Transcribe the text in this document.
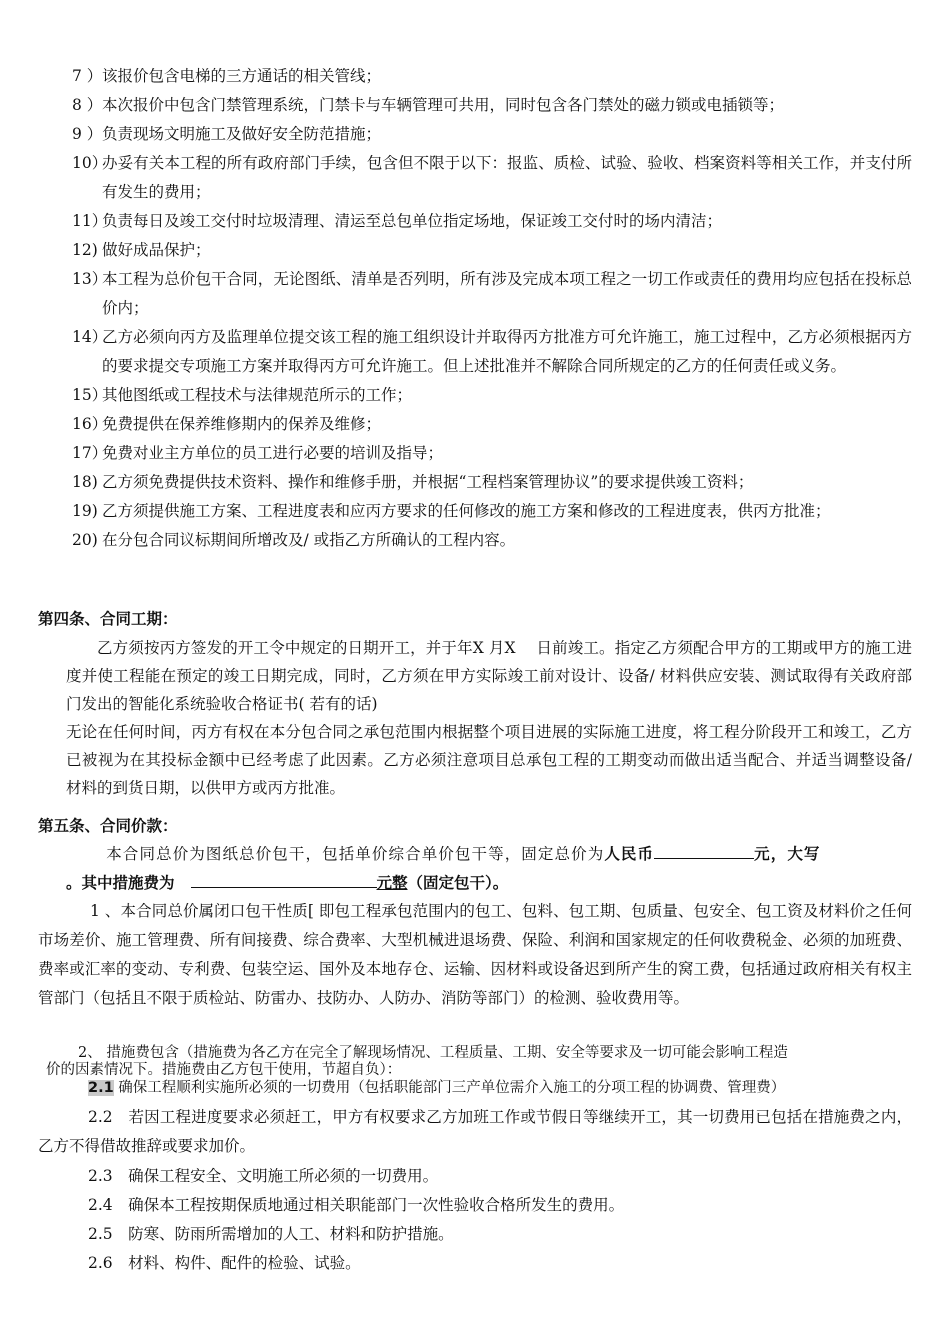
7 ） 该报价包含电梯的三方通话的相关管线；
8 ） 本次报价中包含门禁管理系统，门禁卡与车辆管理可共用，同时包含各门禁处的磁力锁或电插锁等；
9 ） 负责现场文明施工及做好安全防范措施；
10）
办妥有关本工程的所有政府部门手续，包含但不限于以下：报监、质检、试验、验收、档案资料等相关工作，并支付所有发生的费用；
11）
负责每日及竣工交付时垃圾清理、清运至总包单位指定场地，保证竣工交付时的场内清洁；
12) 做好成品保护；
13）
本工程为总价包干合同，无论图纸、清单是否列明，所有涉及完成本项工程之一切工作或责任的费用均应包括在投标总价内；
14）
乙方必须向丙方及监理单位提交该工程的施工组织设计并取得丙方批准方可允许施工，施工过程中，乙方必须根据丙方的要求提交专项施工方案并取得丙方可允许施工。但上述批准并不解除合同所规定的乙方的任何责任或义务。
15）
其他图纸或工程技术与法律规范所示的工作；
16）
免费提供在保养维修期内的保养及维修；
17）
免费对业主方单位的员工进行必要的培训及指导；
18) 乙方须免费提供技术资料、操作和维修手册，并根据“工程档案管理协议”的要求提供竣工资料；
19) 乙方须提供施工方案、工程进度表和应丙方要求的任何修改的施工方案和修改的工程进度表，供丙方批准；
20) 在分包合同议标期间所增改及/ 或指乙方所确认的工程内容。
第四条、合同工期：
乙方须按丙方签发的开工令中规定的日期开工，并于年X 月X　 日前竣工。指定乙方须配合甲方的工期或甲方的施工进度并使工程能在预定的竣工日期完成，同时，乙方须在甲方实际竣工前对设计、设备/ 材料供应安装、测试取得有关政府部门发出的智能化系统验收合格证书( 若有的话)
无论在任何时间，丙方有权在本分包合同之承包范围内根据整个项目进展的实际施工进度，将工程分阶段开工和竣工，乙方已被视为在其投标金额中已经考虑了此因素。乙方必须注意项目总承包工程的工期变动而做出适当配合、并适当调整设备/ 材料的到货日期，以供甲方或丙方批准。
第五条、合同价款：
本合同总价为图纸总价包干，包括单价综合单价包干等，固定总价为人民币	元，大写
。其中措施费为	元整（固定包干）。
1 、本合同总价属闭口包干性质[ 即包工程承包范围内的包工、包料、包工期、包质量、包安全、包工资及材料价之任何市场差价、施工管理费、所有间接费、综合费率、大型机械进退场费、保险、利润和国家规定的任何收费税金、必须的加班费、费率或汇率的变动、专利费、包装空运、国外及本地存仓、运输、因材料或设备迟到所产生的窝工费，包括通过政府相关有权主管部门（包括且不限于质检站、防雷办、技防办、人防办、消防等部门）的检测、验收费用等。
2、 措施费包含（措施费为各乙方在完全了解现场情况、工程质量、工期、安全等要求及一切可能会影响工程造
价的因素情况下。措施费由乙方包干使用，节超自负）：
2.1 确保工程顺利实施所必须的一切费用（包括职能部门三产单位需介入施工的分项工程的协调费、管理费）
2.2　若因工程进度要求必须赶工，甲方有权要求乙方加班工作或节假日等继续开工，其一切费用已包括在措施费之内，乙方不得借故推辞或要求加价。
2.3　确保工程安全、文明施工所必须的一切费用。
2.4　确保本工程按期保质地通过相关职能部门一次性验收合格所发生的费用。
2.5　防寒、防雨所需增加的人工、材料和防护措施。
2.6　材料、构件、配件的检验、试验。
